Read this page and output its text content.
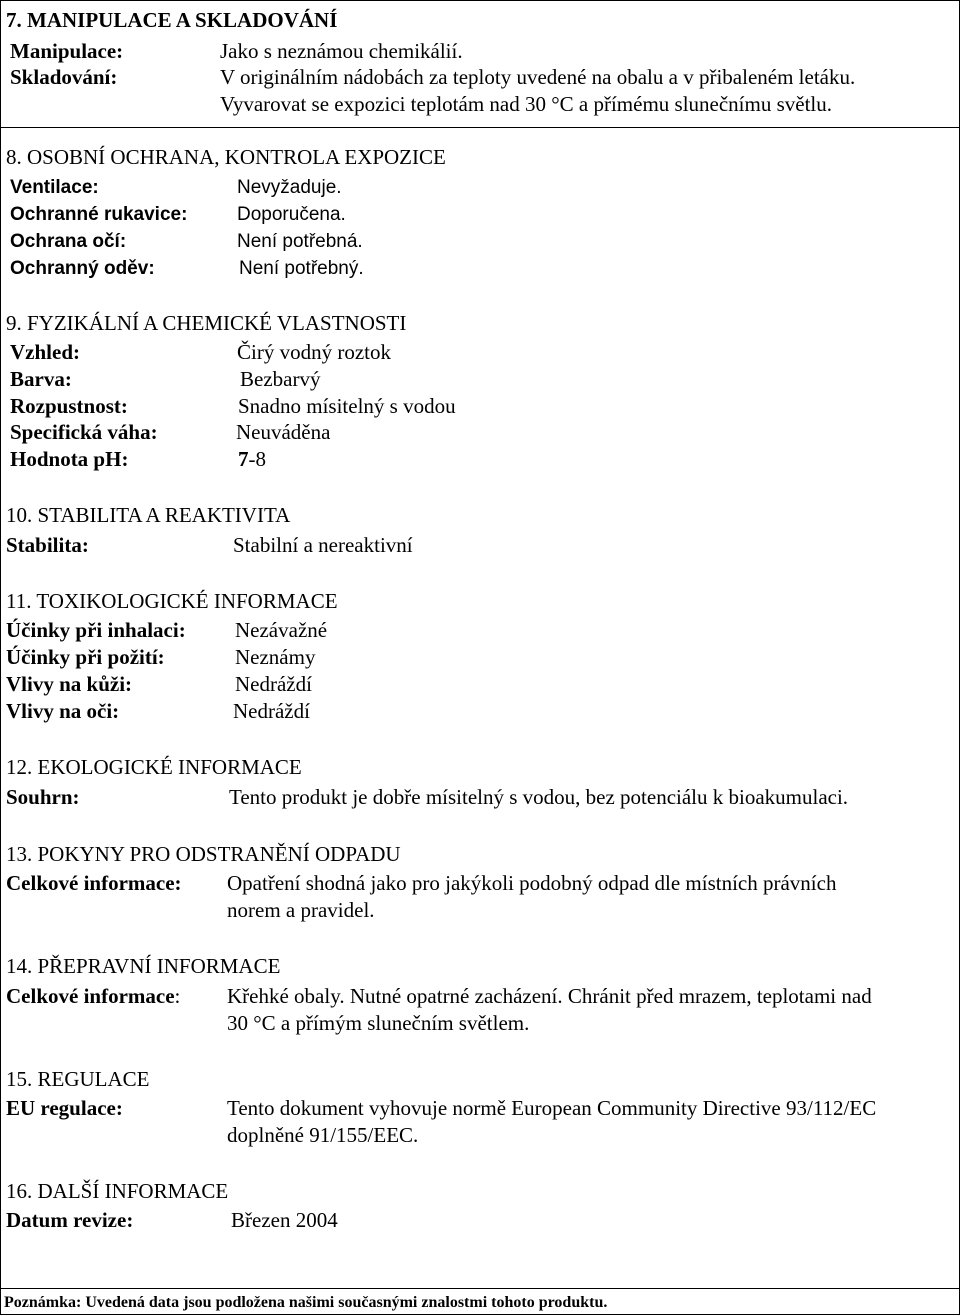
7. MANIPULACE A SKLADOVÁNÍ
Manipulace:	Jako s neznámou chemikálií.
Skladování:	V originálním nádobách za teploty uvedené na obalu a v přibaleném letáku.
Vyvarovat se expozici teplotám nad 30 °C a přímému slunečnímu světlu.
8. OSOBNÍ OCHRANA, KONTROLA EXPOZICE
Ventilace:	Nevyžaduje.
Ochranné rukavice:	Doporučena.
Ochrana očí:	Není potřebná.
Ochranný oděv:	Není potřebný.
9. FYZIKÁLNÍ A CHEMICKÉ VLASTNOSTI
Vzhled:	Čirý vodný roztok
Barva:	Bezbarvý
Rozpustnost:	Snadno mísitelný s vodou
Specifická váha:	Neuváděna
Hodnota pH:	7-8
10. STABILITA A REAKTIVITA
Stabilita:	Stabilní a nereaktivní
11. TOXIKOLOGICKÉ INFORMACE
Účinky při inhalaci: Nezávažné
Účinky při požití:	Neznámy
Vlivy na kůži:	Nedráždí
Vlivy na oči:	Nedráždí
12. EKOLOGICKÉ INFORMACE
Souhrn:	Tento produkt je dobře mísitelný s vodou, bez potenciálu k bioakumulaci.
13. POKYNY PRO ODSTRANĚNÍ ODPADU
Celkové informace: Opatření shodná jako pro jakýkoli podobný odpad dle místních právních
norem a pravidel.
14. PŘEPRAVNÍ INFORMACE
Celkové informace: Křehké obaly. Nutné opatrné zacházení. Chránit před mrazem, teplotami nad
30 °C a přímým slunečním světlem.
15. REGULACE
EU regulace:	Tento dokument vyhovuje normě European Community Directive 93/112/EC
doplněné 91/155/EEC.
16. DALŠÍ INFORMACE
Datum revize:	Březen 2004
Poznámka: Uvedená data jsou podložena našimi současnými znalostmi tohoto produktu.
